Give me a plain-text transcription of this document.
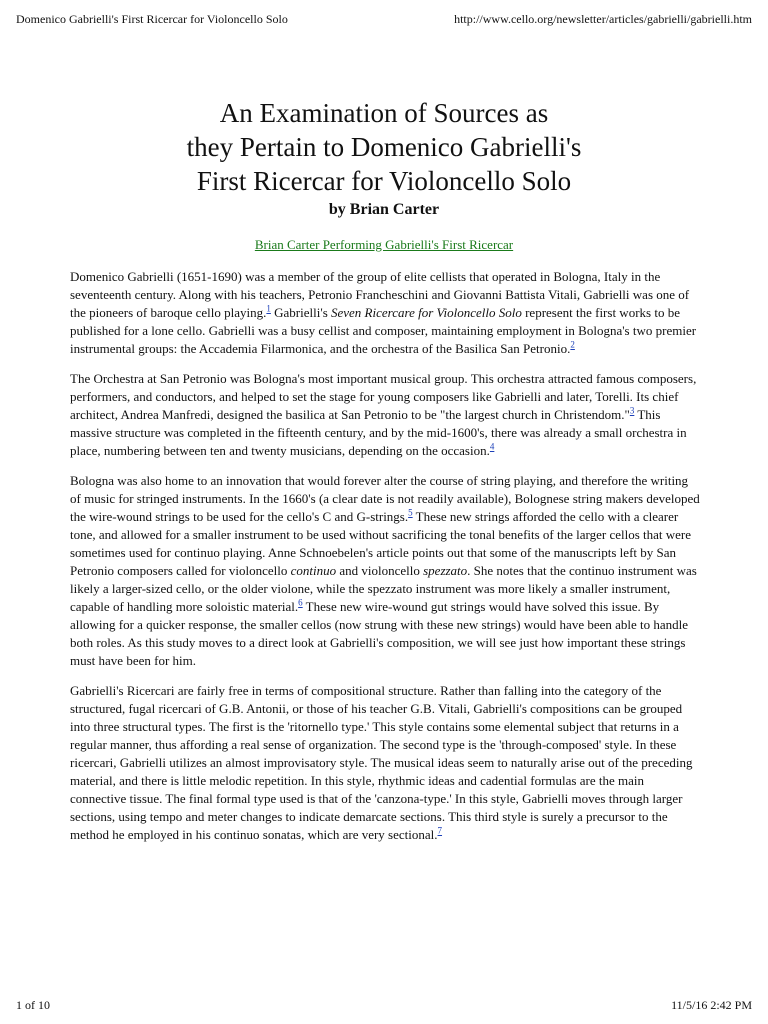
Domenico Gabrielli's First Ricercar for Violoncello Solo	http://www.cello.org/newsletter/articles/gabrielli/gabrielli.htm
An Examination of Sources as
they Pertain to Domenico Gabrielli's
First Ricercar for Violoncello Solo
by Brian Carter
Brian Carter Performing Gabrielli's First Ricercar

Domenico Gabrielli (1651-1690) was a member of the group of elite cellists that operated in Bologna, Italy in the seventeenth century. Along with his teachers, Petronio Francheschini and Giovanni Battista Vitali, Gabrielli was one of the pioneers of baroque cello playing.$^1$ Gabrielli's Seven Ricercare for Violoncello Solo represent the first works to be published for a lone cello. Gabrielli was a busy cellist and composer, maintaining employment in Bologna's two premier instrumental groups: the Accademia Filarmonica, and the orchestra of the Basilica San Petronio.$^2$

The Orchestra at San Petronio was Bologna's most important musical group. This orchestra attracted famous composers, performers, and conductors, and helped to set the stage for young composers like Gabrielli and later, Torelli. Its chief architect, Andrea Manfredi, designed the basilica at San Petronio to be "the largest church in Christendom."$^3$ This massive structure was completed in the fifteenth century, and by the mid-1600's, there was already a small orchestra in place, numbering between ten and twenty musicians, depending on the occasion.$^4$

Bologna was also home to an innovation that would forever alter the course of string playing, and therefore the writing of music for stringed instruments. In the 1660's (a clear date is not readily available), Bolognese string makers developed the wire-wound strings to be used for the cello's C and G-strings.$^5$ These new strings afforded the cello with a clearer tone, and allowed for a smaller instrument to be used without sacrificing the tonal benefits of the larger cellos that were sometimes used for continuo playing. Anne Schnoebelen's article points out that some of the manuscripts left by San Petronio composers called for violoncello continuo and violoncello spezzato. She notes that the continuo instrument was likely a larger-sized cello, or the older violone, while the spezzato instrument was more likely a smaller instrument, capable of handling more soloistic material.$^6$ These new wire-wound gut strings would have solved this issue. By allowing for a quicker response, the smaller cellos (now strung with these new strings) would have been able to handle both roles. As this study moves to a direct look at Gabrielli's composition, we will see just how important these strings must have been for him.

Gabrielli's Ricercari are fairly free in terms of compositional structure. Rather than falling into the category of the structured, fugal ricercari of G.B. Antonii, or those of his teacher G.B. Vitali, Gabrielli's compositions can be grouped into three structural types. The first is the 'ritornello type.' This style contains some elemental subject that returns in a regular manner, thus affording a real sense of organization. The second type is the 'through-composed' style. In these ricercari, Gabrielli utilizes an almost improvisatory style. The musical ideas seem to naturally arise out of the preceding material, and there is little melodic repetition. In this style, rhythmic ideas and cadential formulas are the main connective tissue. The final formal type used is that of the 'canzona-type.' In this style, Gabrielli moves through larger sections, using tempo and meter changes to indicate demarcate sections. This third style is surely a precursor to the method he employed in his continuo sonatas, which are very sectional.$^7$

1 of 10	11/5/16 2:42 PM
